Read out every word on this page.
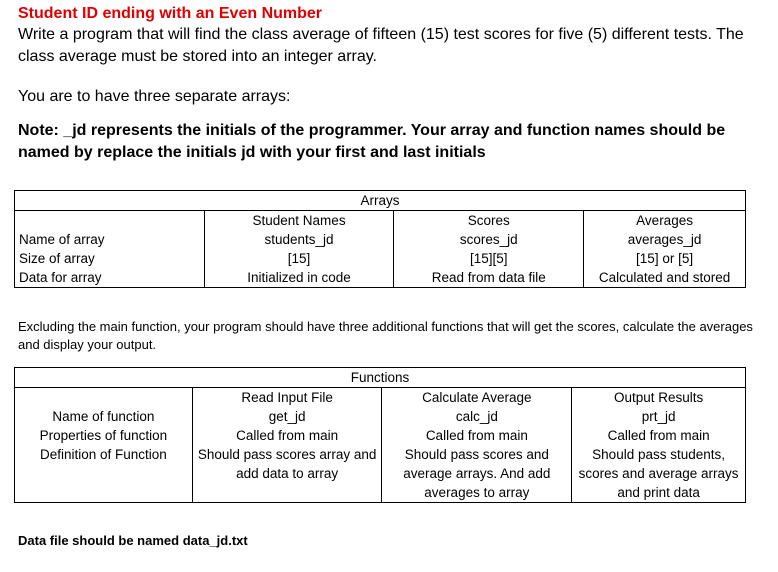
Student ID ending with an Even Number
Write a program that will find the class average of fifteen (15) test scores for five (5) different tests. The class average must be stored into an integer array.
You are to have three separate arrays:
Note: _jd represents the initials of the programmer. Your array and function names should be named by replace the initials jd with your first and last initials
Arrays			
	Student Names	Scores	Averages
Name of array	students_jd	scores_jd	averages_jd
Size of array	[15]	[15][5]	[15] or [5]
Data for array	Initialized in code	Read from data file	Calculated and stored
Excluding the main function, your program should have three additional functions that will get the scores, calculate the averages and display your output.
Functions			
	Read Input File	Calculate Average	Output Results
Name of function	get_jd	calc_jd	prt_jd
Properties of function	Called from main	Called from main	Called from main
Definition of Function	Should pass scores array and add data to array	Should pass scores and average arrays. And add averages to array	Should pass students, scores and average arrays and print data
Data file should be named data_jd.txt
